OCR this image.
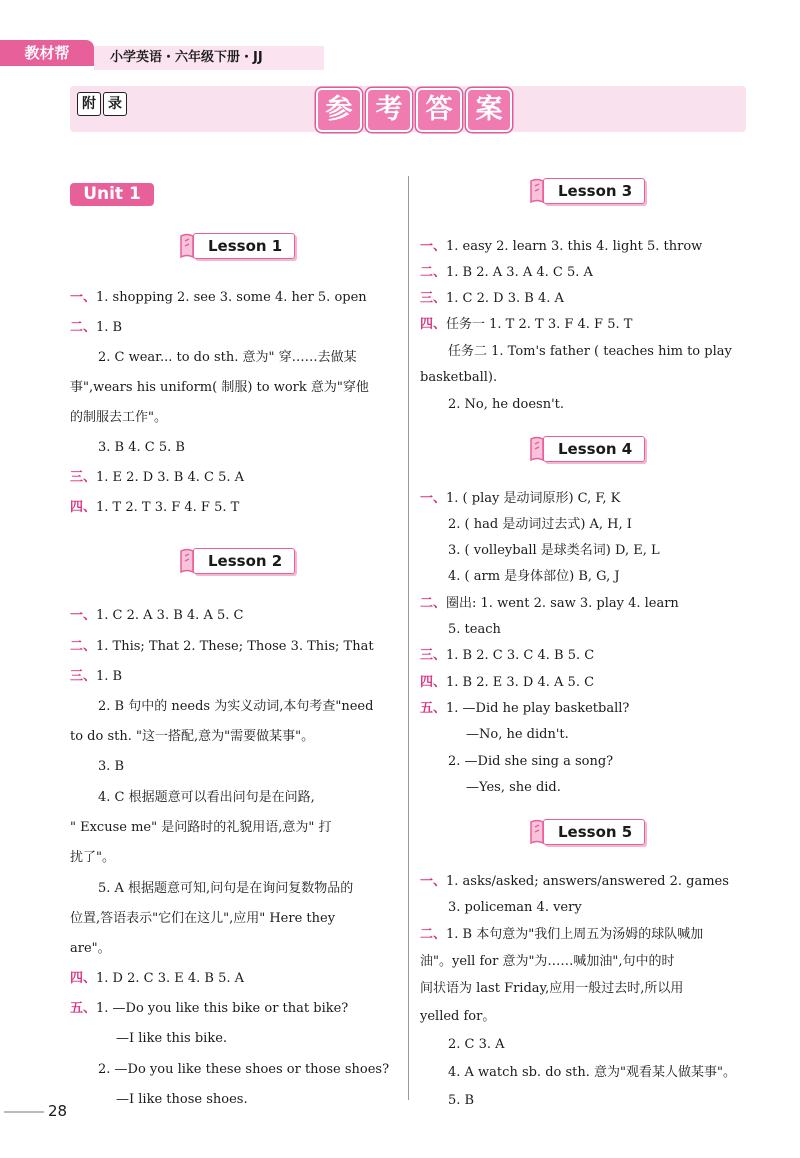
教材帮	小学英语・六年级下册・JJ
附 录	参 考 答 案
Unit 1
Lesson 1
Lesson 2
Lesson 3
Lesson 4
Lesson 5
一、1. shopping 2. see 3. some 4. her 5. open
二、1. B
2. C wear... to do sth. 意为" 穿……去做某
事",wears his uniform( 制服) to work 意为"穿他
的制服去工作"。
3. B 4. C 5. B
三、1. E 2. D 3. B 4. C 5. A
四、1. T 2. T 3. F 4. F 5. T
一、1. C 2. A 3. B 4. A 5. C
二、1. This; That 2. These; Those 3. This; That
三、1. B
2. B 句中的 needs 为实义动词,本句考查"need
to do sth. "这一搭配,意为"需要做某事"。
3. B
4. C 根据题意可以看出问句是在问路,
" Excuse me" 是问路时的礼貌用语,意为" 打
扰了"。
5. A 根据题意可知,问句是在询问复数物品的
位置,答语表示"它们在这儿",应用" Here they
are"。
四、1. D 2. C 3. E 4. B 5. A
五、1. —Do you like this bike or that bike?
—I like this bike.
2. —Do you like these shoes or those shoes?
—I like those shoes.
一、1. easy 2. learn 3. this 4. light 5. throw
二、1. B 2. A 3. A 4. C 5. A
三、1. C 2. D 3. B 4. A
四、任务一 1. T 2. T 3. F 4. F 5. T
任务二 1. Tom's father ( teaches him to play
basketball).
2. No, he doesn't.
一、1. ( play 是动词原形) C, F, K
2. ( had 是动词过去式) A, H, I
3. ( volleyball 是球类名词) D, E, L
4. ( arm 是身体部位) B, G, J
二、圈出: 1. went 2. saw 3. play 4. learn
5. teach
三、1. B 2. C 3. C 4. B 5. C
四、1. B 2. E 3. D 4. A 5. C
五、1. —Did he play basketball?
—No, he didn't.
2. —Did she sing a song?
—Yes, she did.
一、1. asks/asked; answers/answered 2. games
3. policeman 4. very
二、1. B 本句意为"我们上周五为汤姆的球队喊加
油"。yell for 意为"为……喊加油",句中的时
间状语为 last Friday,应用一般过去时,所以用
yelled for。
2. C 3. A
4. A watch sb. do sth. 意为"观看某人做某事"。
5. B
28
